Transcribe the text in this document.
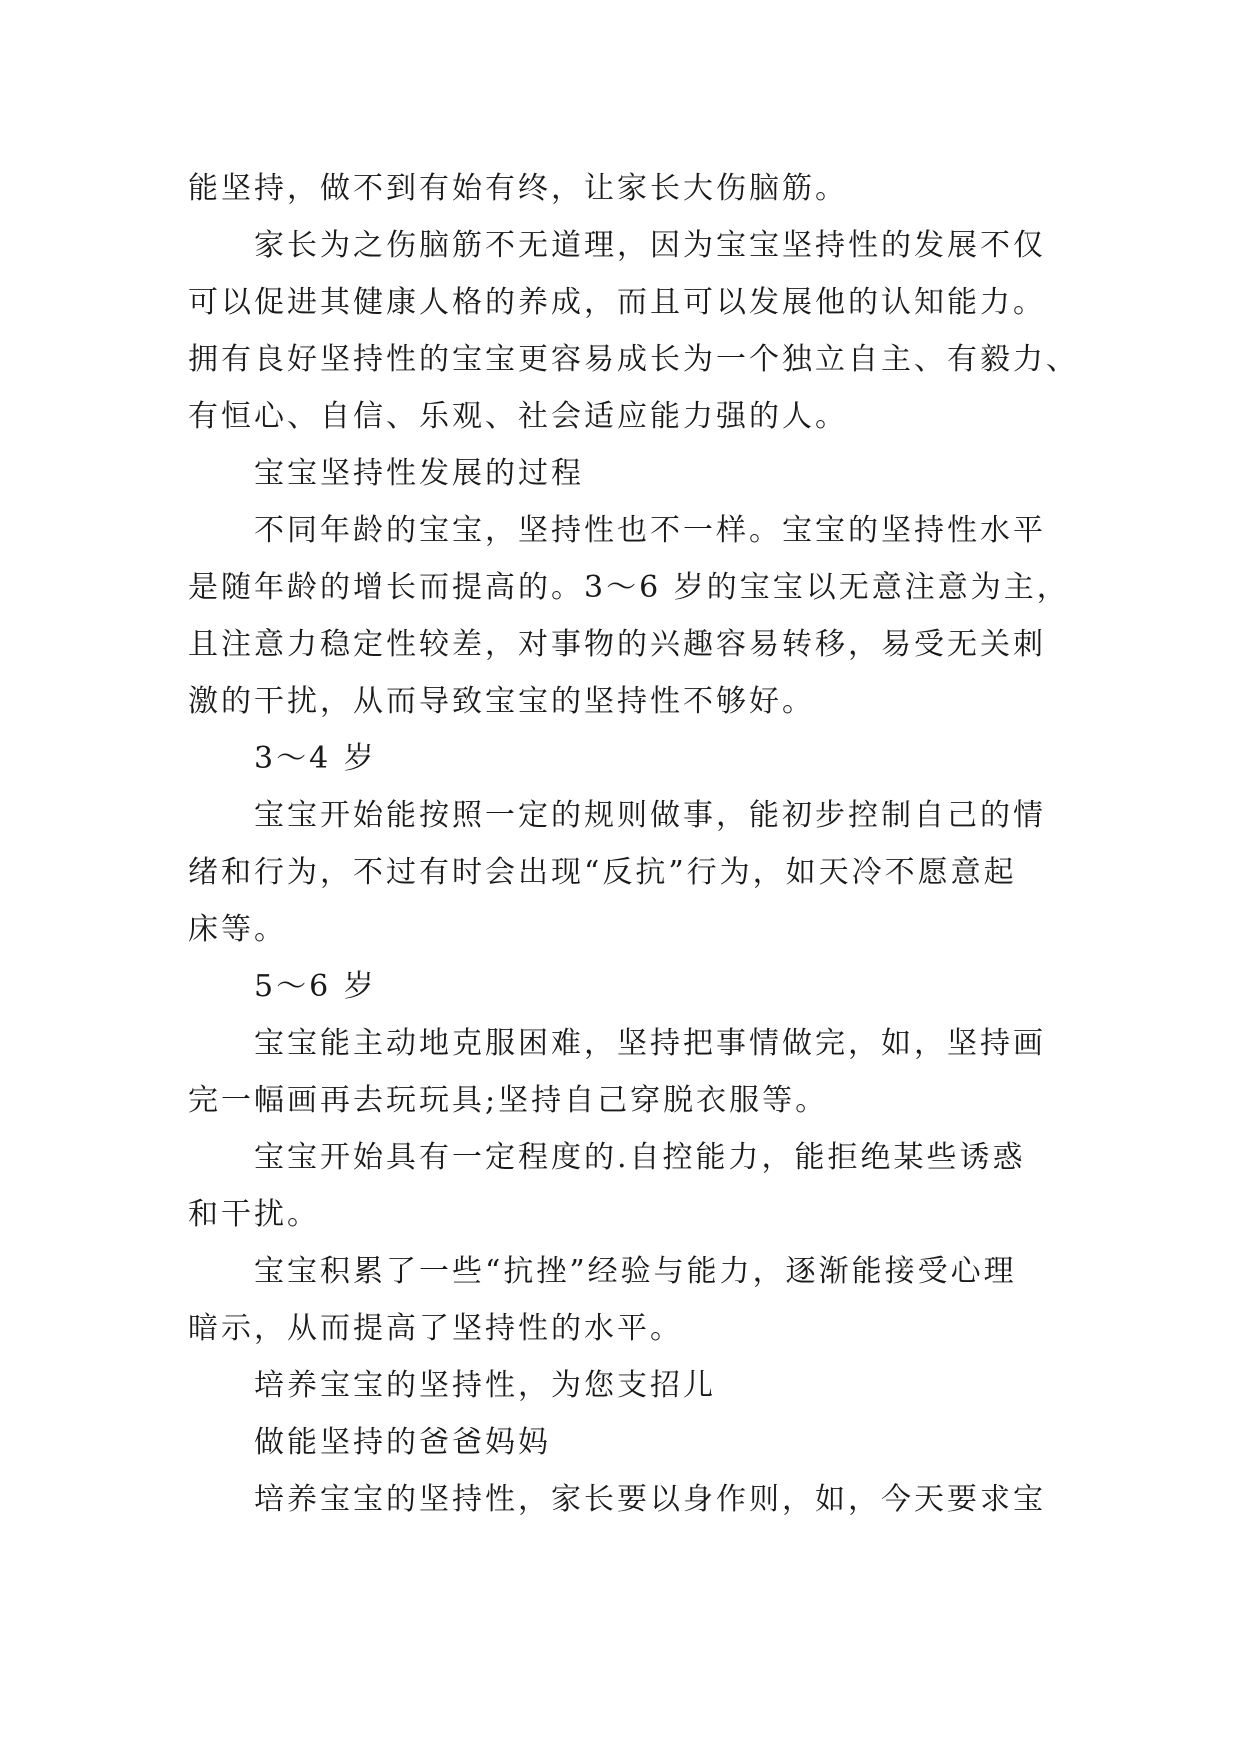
能坚持，做不到有始有终，让家长大伤脑筋。
家长为之伤脑筋不无道理，因为宝宝坚持性的发展不仅
可以促进其健康人格的养成，而且可以发展他的认知能力。
拥有良好坚持性的宝宝更容易成长为一个独立自主、有毅力、
有恒心、自信、乐观、社会适应能力强的人。
宝宝坚持性发展的过程
不同年龄的宝宝，坚持性也不一样。宝宝的坚持性水平
是随年龄的增长而提高的。3～6 岁的宝宝以无意注意为主，
且注意力稳定性较差，对事物的兴趣容易转移，易受无关刺
激的干扰，从而导致宝宝的坚持性不够好。
3～4 岁
宝宝开始能按照一定的规则做事，能初步控制自己的情
绪和行为，不过有时会出现“反抗”行为，如天冷不愿意起
床等。
5～6 岁
宝宝能主动地克服困难，坚持把事情做完，如，坚持画
完一幅画再去玩玩具;坚持自己穿脱衣服等。
宝宝开始具有一定程度的.自控能力，能拒绝某些诱惑
和干扰。
宝宝积累了一些“抗挫”经验与能力，逐渐能接受心理
暗示，从而提高了坚持性的水平。
培养宝宝的坚持性，为您支招儿
做能坚持的爸爸妈妈
培养宝宝的坚持性，家长要以身作则，如，今天要求宝
